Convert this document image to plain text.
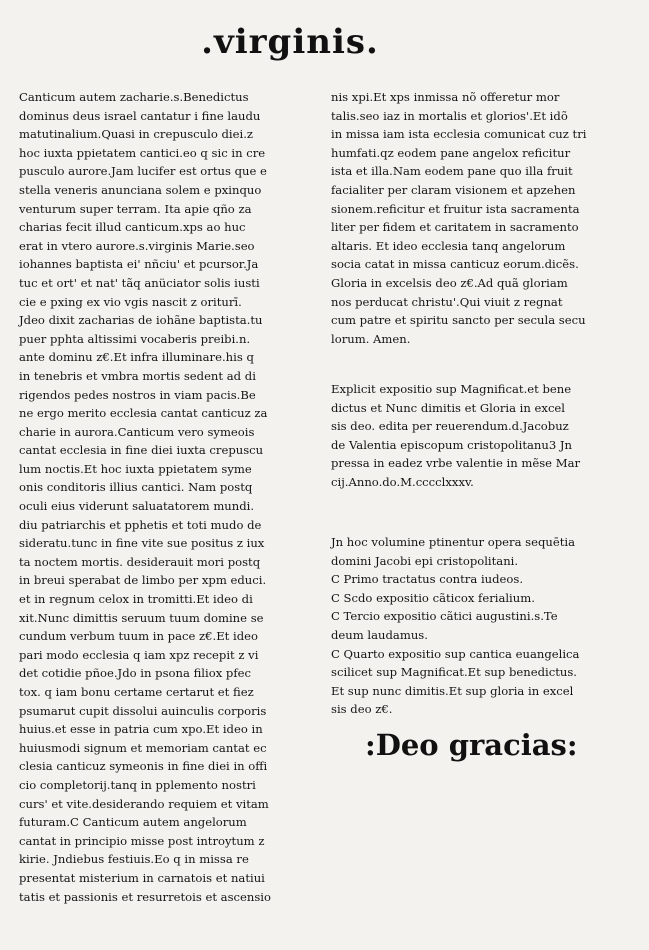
.virginis.
Canticum autem zacharie.s.Benedictus
dominus deus israel cantatur i fine laudu
matutinalium.Quasi in crepusculo diei.z
hoc iuxta ppietatem cantici.eo q sic in cre
pusculo aurore.Jam lucifer est ortus que e
stella veneris anunciana solem e pxinquo
venturum super terram. Ita apie qño za
charias fecit illud canticum.xps ao huc
erat in vtero aurore.s.virginis Marie.seo
iohannes baptista ei' nñciu' et pcursor.Ja
tuc et ort' et nat' tãq anüciator solis iusti
cie e pxing ex vio vgis nascit z oriturī.
Jdeo dixit zacharias de iohãne baptista.tu
puer pphta altissimi vocaberis preibi.n.
ante dominu z€.Et infra illuminare.his q
in tenebris et vmbra mortis sedent ad di
rigendos pedes nostros in viam pacis.Be
ne ergo merito ecclesia cantat canticuz za
charie in aurora.Canticum vero symeois
cantat ecclesia in fine diei iuxta crepuscu
lum noctis.Et hoc iuxta ppietatem syme
onis conditoris illius cantici. Nam postq
oculi eius viderunt saluatatorem mundi.
diu patriarchis et pphetis et toti mudo de
sideratu.tunc in fine vite sue positus z iux
ta noctem mortis. desiderauit mori postq
in breui sperabat de limbo per xpm educi.
et in regnum celox in tromitti.Et ideo di
xit.Nunc dimittis seruum tuum domine se
cundum verbum tuum in pace z€.Et ideo
pari modo ecclesia q iam xpz recepit z vi
det cotidie pñoe.Jdo in psona filiox pfec
tox. q iam bonu certame certarut et fiez
psumarut cupit dissolui auinculis corporis
huius.et esse in patria cum xpo.Et ideo in
huiusmodi signum et memoriam cantat ec
clesia canticuz symeonis in fine diei in offi
cio completorij.tanq in pplemento nostri
curs' et vite.desiderando requiem et vitam
futuram.C Canticum autem angelorum
cantat in principio misse post introytum z
kirie. Jndiebus festiuis.Eo q in missa re
presentat misterium in carnatois et natiui
tatis et passionis et resurretois et ascensio
nis xpi.Et xps inmissa nõ offeretur mor
talis.seo iaz in mortalis et glorios'.Et idõ
in missa iam ista ecclesia comunicat cuz tri
humfati.qz eodem pane angelox reficitur
ista et illa.Nam eodem pane quo illa fruit
facialiter per claram visionem et apzehen
sionem.reficitur et fruitur ista sacramenta
liter per fidem et caritatem in sacramento
altaris. Et ideo ecclesia tanq angelorum
socia catat in missa canticuz eorum.dicẽs.
Gloria in excelsis deo z€.Ad quã gloriam
nos perducat christu'.Qui viuit z regnat
cum patre et spiritu sancto per secula secu
lorum. Amen.
Explicit expositio sup Magnificat.et bene
dictus et Nunc dimitis et Gloria in excel
sis deo. edita per reuerendum.d.Jacobuz
de Valentia episcopum cristopolitanu3 Jn
pressa in eadez vrbe valentie in mẽse Mar
cij.Anno.do.M.cccclxxxv.
Jn hoc volumine ptinentur opera sequētia
domini Jacobi epi cristopolitani.
C Primo tractatus contra iudeos.
C Scdo expositio cãticox ferialium.
C Tercio expositio cãtici augustini.s.Te
deum laudamus.
C Quarto expositio sup cantica euangelica
scilicet sup Magnificat.Et sup benedictus.
Et sup nunc dimitis.Et sup gloria in excel
sis deo z€.
:Deo gracias:
